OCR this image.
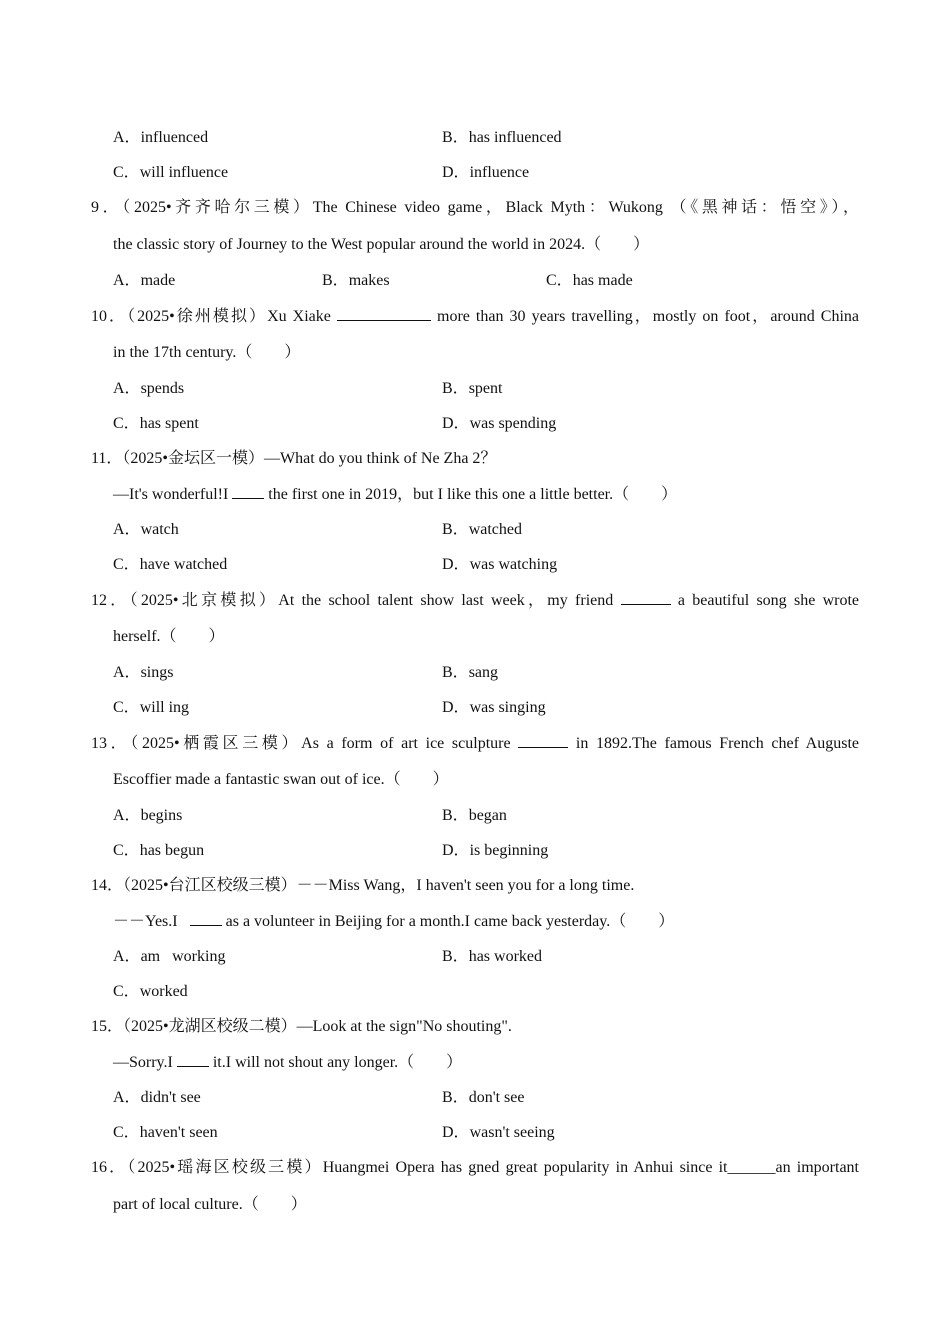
A．influenced	B．has influenced
C．will influence	D．influence
9．（2025•齐齐哈尔三模）The Chinese video game，Black Myth：Wukong （《黑神话：悟空》），
the classic story of Journey to the West popular around the world in 2024.（　　）
A．made	B．makes	C．has made
10．（2025•徐州模拟）Xu Xiake	more than 30 years travelling，mostly on foot，around China
in the 17th century.（　　）
A．spends	B．spent
C．has spent	D．was spending
11．（2025•金坛区一模）—What do you think of Ne Zha 2？
—It's wonderful!I	the first one in 2019，but I like this one a little better.（　　）
A．watch	B．watched
C．have watched	D．was watching
12．（2025•北京模拟）At the school talent show last week，my friend	a beautiful song she wrote
herself.（　　）
A．sings	B．sang
C．will ing	D．was singing
13．（2025•栖霞区三模）As a form of art ice sculpture	in 1892.The famous French chef Auguste
Escoffier made a fantastic swan out of ice.（　　）
A．begins	B．began
C．has begun	D．is beginning
14．（2025•台江区校级三模）－－Miss Wang，I haven't seen you for a long time.
－－Yes.I	as a volunteer in Beijing for a month.I came back yesterday.（　　）
A．am   working	B．has worked
C．worked
15．（2025•龙湖区校级二模）—Look at the sign"No shouting".
—Sorry.I	it.I will not shout any longer.（　　）
A．didn't see	B．don't see
C．haven't seen	D．wasn't seeing
16．（2025•瑶海区校级三模）Huangmei Opera has gned great popularity in Anhui since it______an important
part of local culture.（　　）
